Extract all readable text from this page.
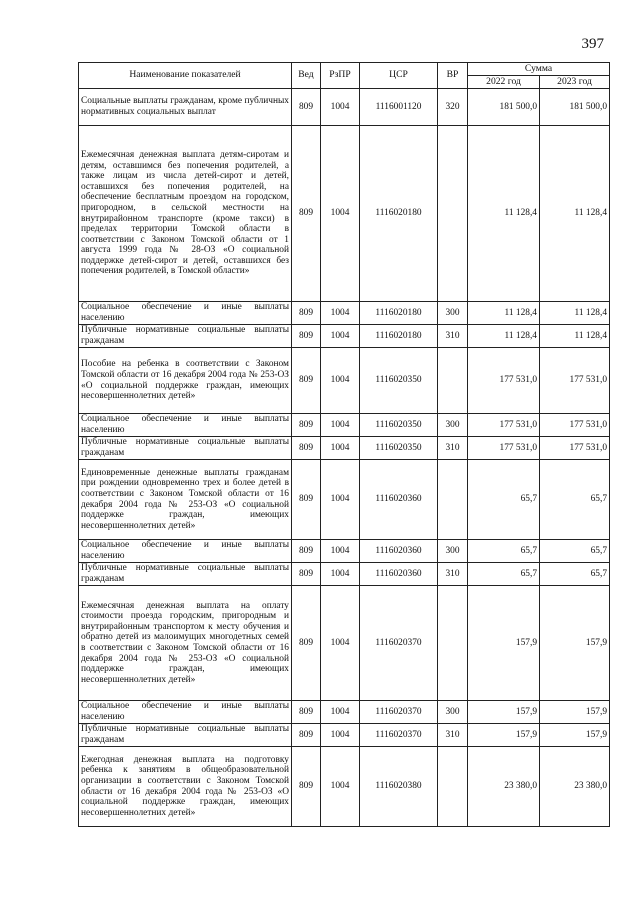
397
Наименование показателей	Вед	РзПР	ЦСР	ВР	Сумма	
					2022 год	2023 год
Социальные выплаты гражданам, кроме публичных нормативных социальных выплат	809	1004	1116001120	320	181 500,0	181 500,0
Ежемесячная денежная выплата детям-сиротам и детям, оставшимся без попечения родителей, а также лицам из числа детей-сирот и детей, оставшихся без попечения родителей, на обеспечение бесплатным проездом на городском, пригородном, в сельской местности на внутрирайонном транспорте (кроме такси) в пределах территории Томской области в соответствии с Законом Томской области от 1 августа 1999 года № 28-ОЗ «О социальной поддержке детей-сирот и детей, оставшихся без попечения родителей, в Томской области»	809	1004	1116020180		11 128,4	11 128,4
Социальное обеспечение и иные выплаты населению	809	1004	1116020180	300	11 128,4	11 128,4
Публичные нормативные социальные выплаты гражданам	809	1004	1116020180	310	11 128,4	11 128,4
Пособие на ребенка в соответствии с Законом Томской области от 16 декабря 2004 года № 253-ОЗ «О социальной поддержке граждан, имеющих несовершеннолетних детей»	809	1004	1116020350		177 531,0	177 531,0
Социальное обеспечение и иные выплаты населению	809	1004	1116020350	300	177 531,0	177 531,0
Публичные нормативные социальные выплаты гражданам	809	1004	1116020350	310	177 531,0	177 531,0
Единовременные денежные выплаты гражданам при рождении одновременно трех и более детей в соответствии с Законом Томской области от 16 декабря 2004 года № 253-ОЗ «О социальной поддержке граждан, имеющих несовершеннолетних детей»	809	1004	1116020360		65,7	65,7
Социальное обеспечение и иные выплаты населению	809	1004	1116020360	300	65,7	65,7
Публичные нормативные социальные выплаты гражданам	809	1004	1116020360	310	65,7	65,7
Ежемесячная денежная выплата на оплату стоимости проезда городским, пригородным и внутрирайонным транспортом к месту обучения и обратно детей из малоимущих многодетных семей в соответствии с Законом Томской области от 16 декабря 2004 года № 253-ОЗ «О социальной поддержке граждан, имеющих несовершеннолетних детей»	809	1004	1116020370		157,9	157,9
Социальное обеспечение и иные выплаты населению	809	1004	1116020370	300	157,9	157,9
Публичные нормативные социальные выплаты гражданам	809	1004	1116020370	310	157,9	157,9
Ежегодная денежная выплата на подготовку ребенка к занятиям в общеобразовательной организации в соответствии с Законом Томской области от 16 декабря 2004 года № 253-ОЗ «О социальной поддержке граждан, имеющих несовершеннолетних детей»	809	1004	1116020380		23 380,0	23 380,0
